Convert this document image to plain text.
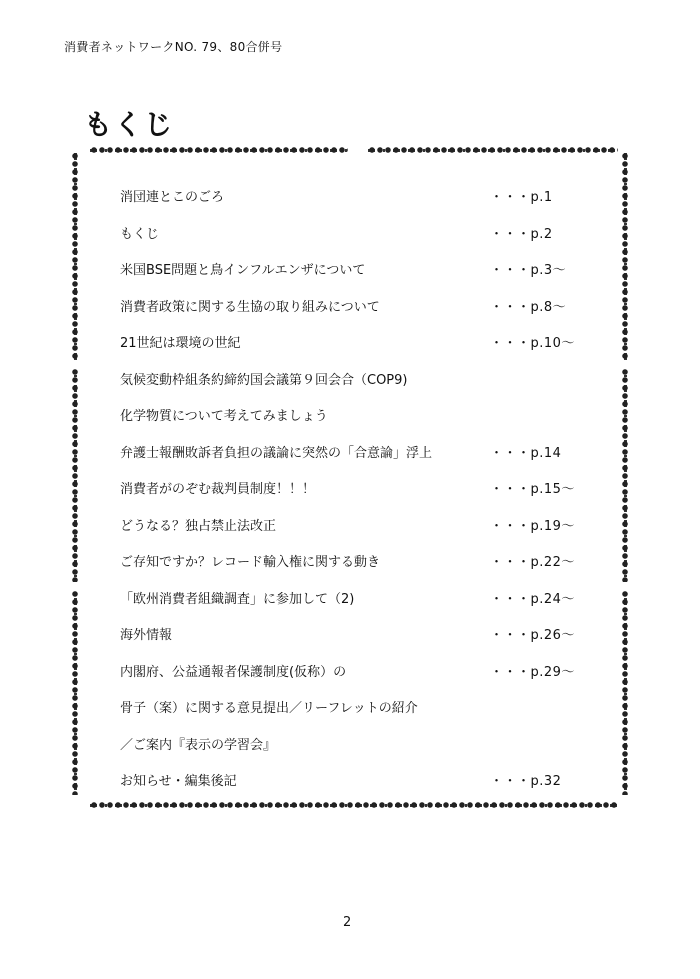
消費者ネットワークNO. 79、80合併号
もくじ
消団連とこのごろ	・・・p.1
もくじ	・・・p.2
米国BSE問題と鳥インフルエンザについて	・・・p.3～
消費者政策に関する生協の取り組みについて	・・・p.8～
21世紀は環境の世紀	・・・p.10～
気候変動枠組条約締約国会議第９回会合（COP9)
化学物質について考えてみましょう
弁護士報酬敗訴者負担の議論に突然の「合意論」浮上	・・・p.14
消費者がのぞむ裁判員制度！！！	・・・p.15～
どうなる？独占禁止法改正	・・・p.19～
ご存知ですか？レコード輸入権に関する動き	・・・p.22～
「欧州消費者組織調査」に参加して（2)	・・・p.24～
海外情報	・・・p.26～
内閣府、公益通報者保護制度(仮称）の	・・・p.29～
骨子（案）に関する意見提出／リーフレットの紹介
／ご案内『表示の学習会』
お知らせ・編集後記	・・・p.32
2
